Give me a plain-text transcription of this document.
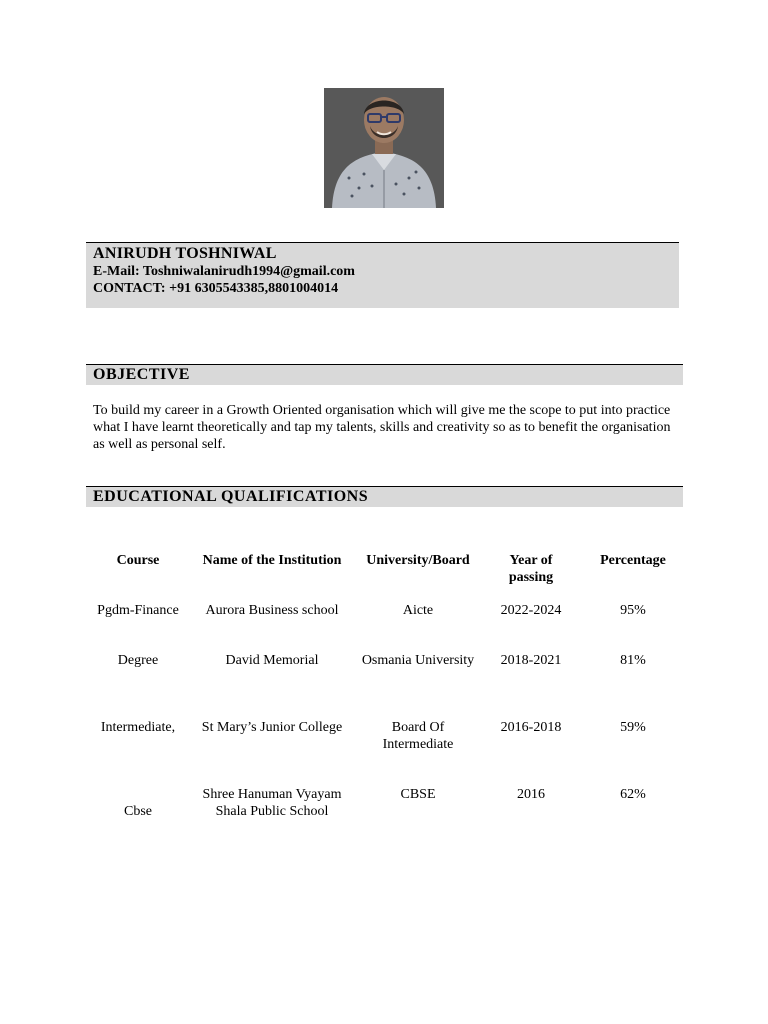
ANIRUDH TOSHNIWAL
E-Mail: Toshniwalanirudh1994@gmail.com
CONTACT: +91 6305543385,8801004014
OBJECTIVE
To build my career in a Growth Oriented organisation which will give me the scope to put into practice what I have learnt theoretically and tap my talents, skills and creativity so as to benefit the organisation as well as personal self.
EDUCATIONAL QUALIFICATIONS
Course	Name of the Institution	University/Board	Year of passing	Percentage
Pgdm-Finance	Aurora Business school	Aicte	2022-2024	95%
Degree	David Memorial	Osmania University	2018-2021	81%
Intermediate,	St Mary’s Junior College	Board Of Intermediate	2016-2018	59%
Cbse	Shree Hanuman Vyayam Shala Public School	CBSE	2016	62%
